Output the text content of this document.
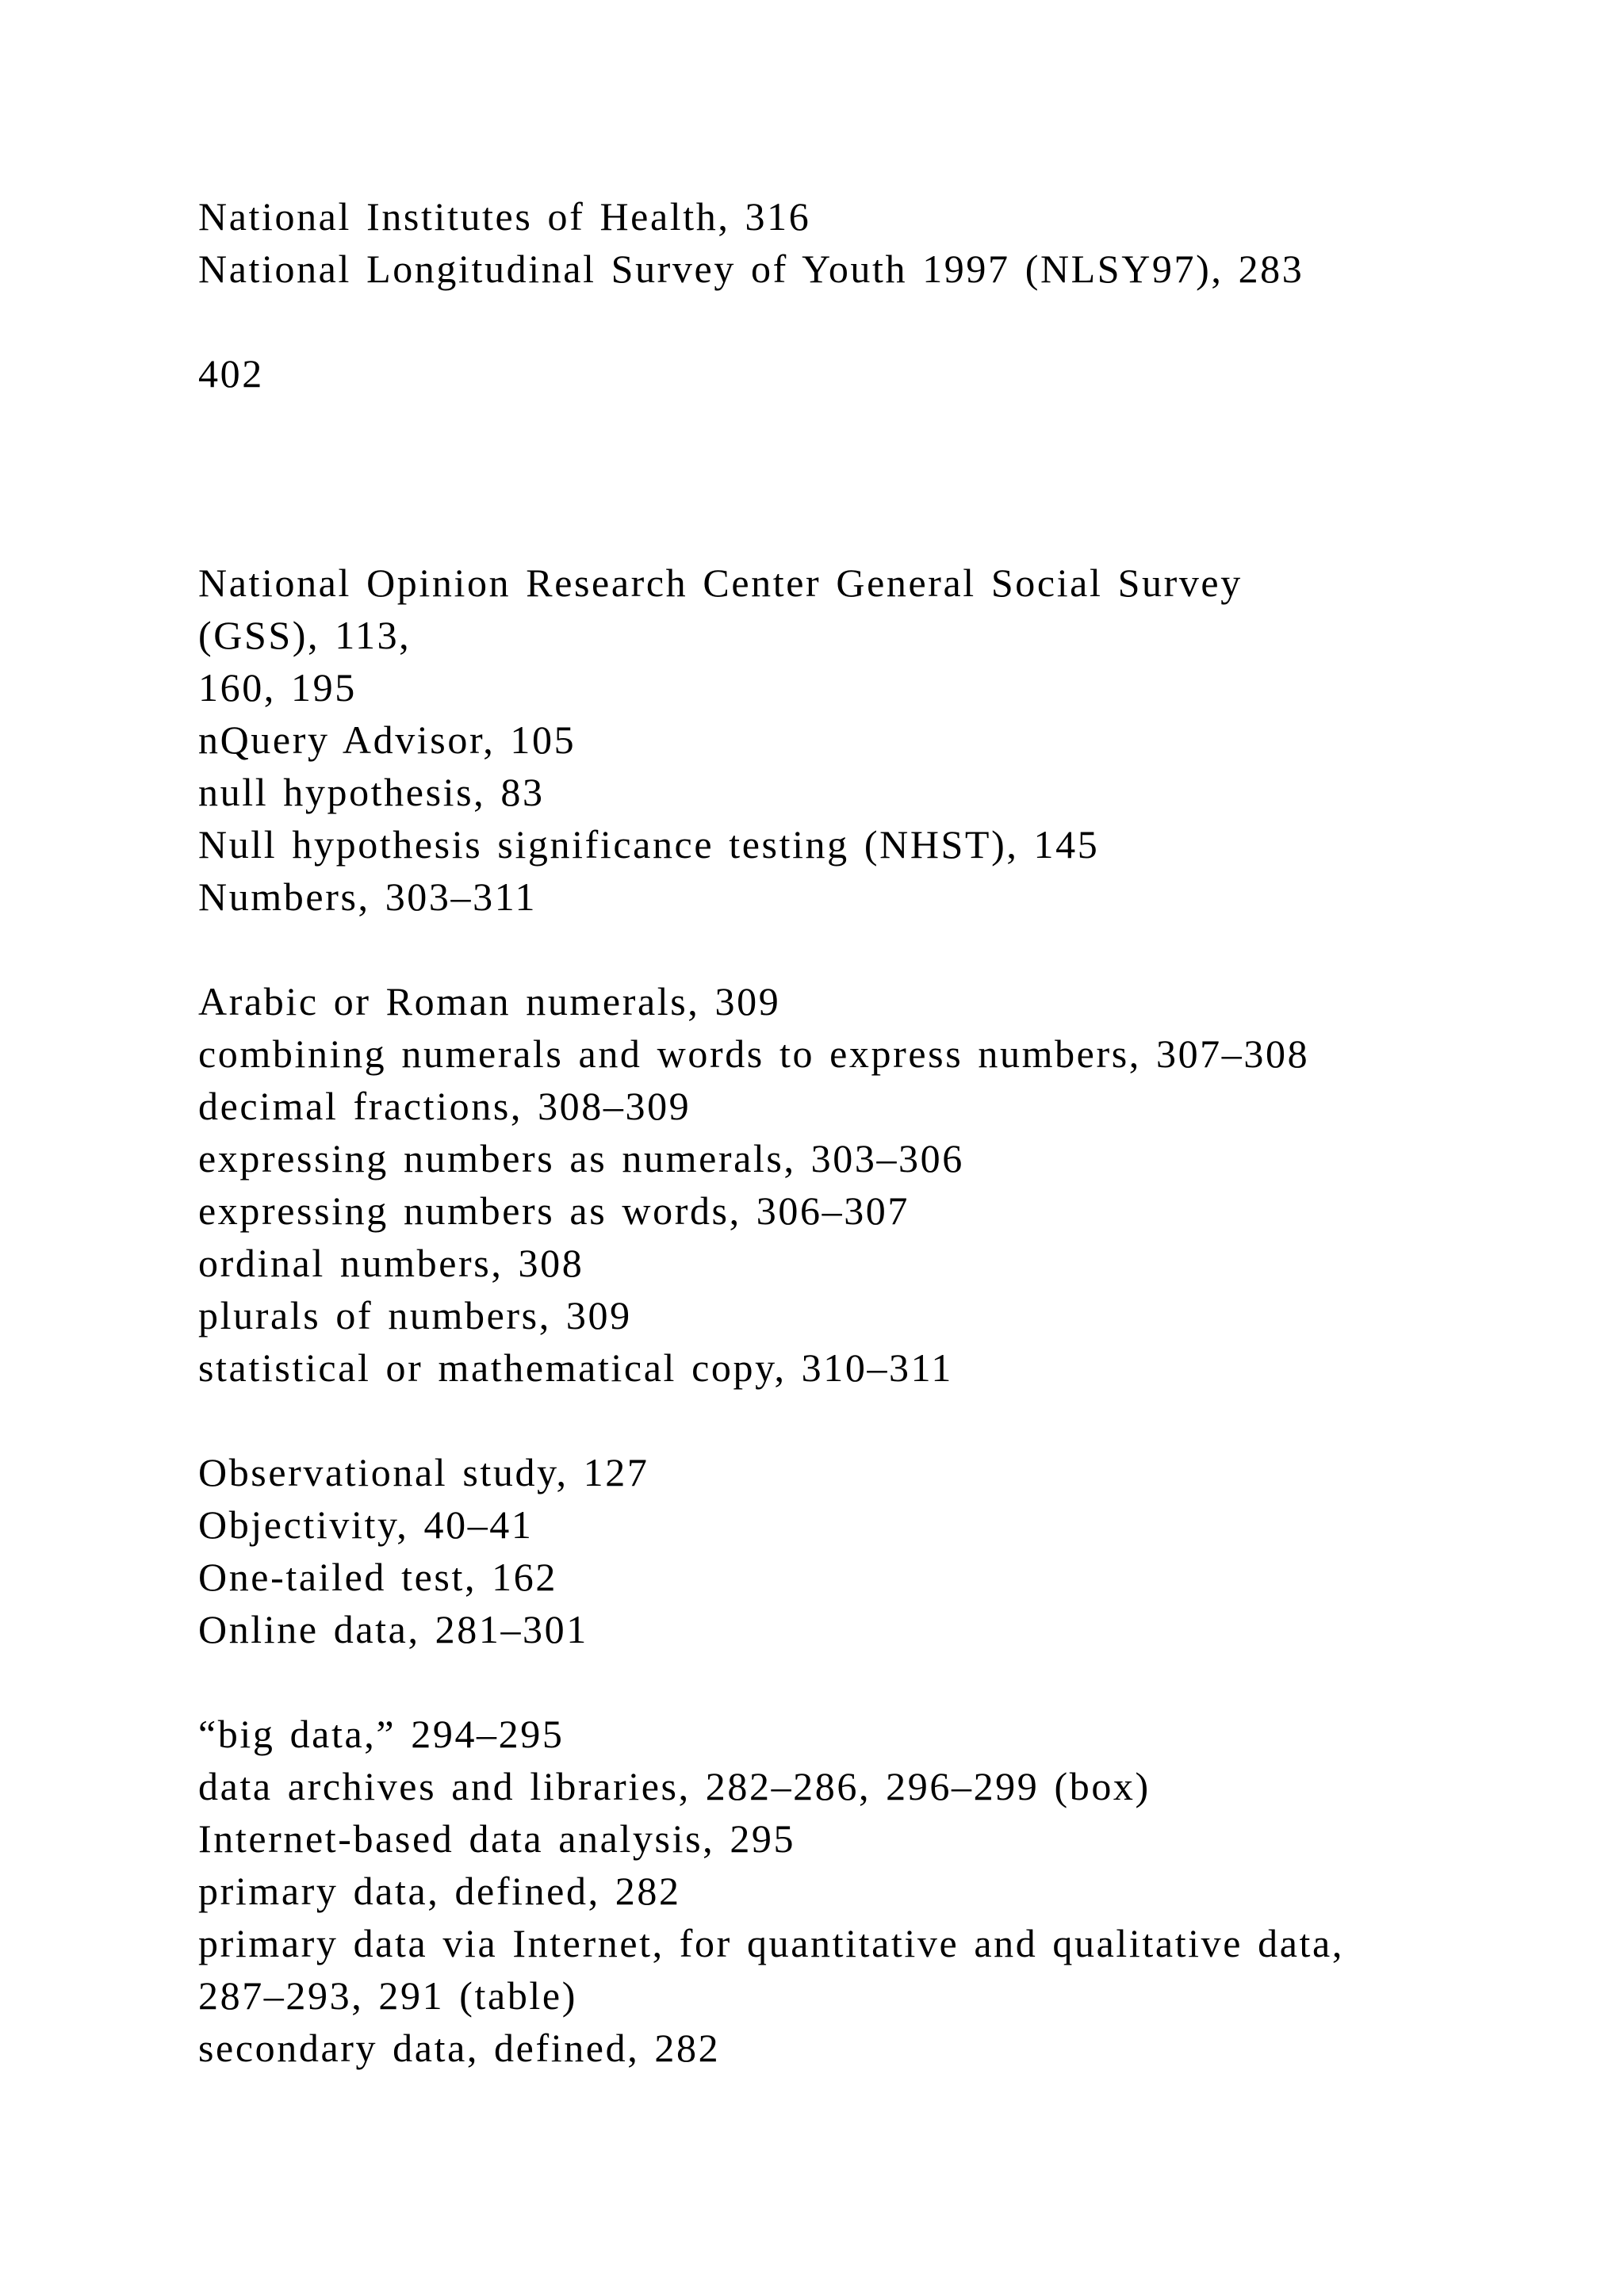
National Institutes of Health, 316
National Longitudinal Survey of Youth 1997 (NLSY97), 283
402
National Opinion Research Center General Social Survey
(GSS), 113,
160, 195
nQuery Advisor, 105
null hypothesis, 83
Null hypothesis significance testing (NHST), 145
Numbers, 303–311
Arabic or Roman numerals, 309
combining numerals and words to express numbers, 307–308
decimal fractions, 308–309
expressing numbers as numerals, 303–306
expressing numbers as words, 306–307
ordinal numbers, 308
plurals of numbers, 309
statistical or mathematical copy, 310–311
Observational study, 127
Objectivity, 40–41
One-tailed test, 162
Online data, 281–301
“big data,” 294–295
data archives and libraries, 282–286, 296–299 (box)
Internet-based data analysis, 295
primary data, defined, 282
primary data via Internet, for quantitative and qualitative data,
287–293, 291 (table)
secondary data, defined, 282
